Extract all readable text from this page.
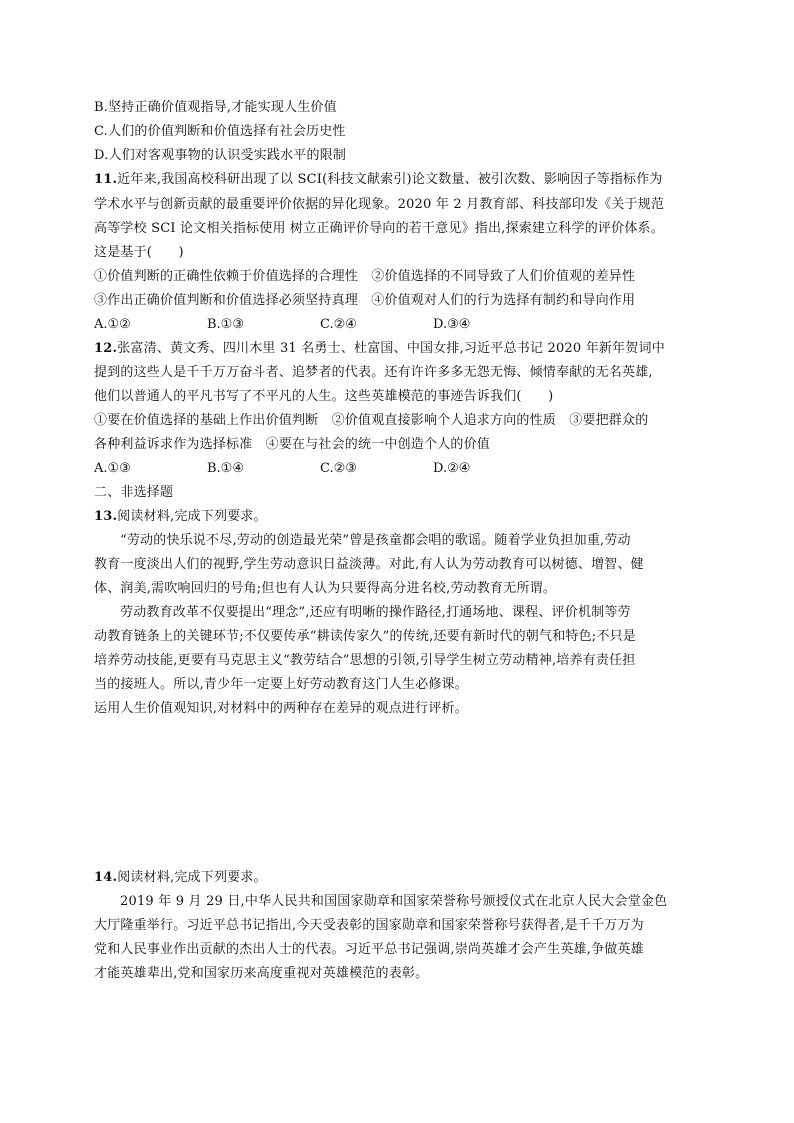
B.坚持正确价值观指导,才能实现人生价值
C.人们的价值判断和价值选择有社会历史性
D.人们对客观事物的认识受实践水平的限制
11.近年来,我国高校科研出现了以 SCI(科技文献索引)论文数量、被引次数、影响因子等指标作为
学术水平与创新贡献的最重要评价依据的异化现象。2020 年 2 月教育部、科技部印发《关于规范
高等学校 SCI 论文相关指标使用 树立正确评价导向的若干意见》指出,探索建立科学的评价体系。
这是基于(　　)
①价值判断的正确性依赖于价值选择的合理性　②价值选择的不同导致了人们价值观的差异性
③作出正确价值判断和价值选择必须坚持真理　④价值观对人们的行为选择有制约和导向作用
A.①②	B.①③	C.②④	D.③④
12.张富清、黄文秀、四川木里 31 名勇士、杜富国、中国女排,习近平总书记 2020 年新年贺词中
提到的这些人是千千万万奋斗者、追梦者的代表。还有许许多多无怨无悔、倾情奉献的无名英雄,
他们以普通人的平凡书写了不平凡的人生。这些英雄模范的事迹告诉我们(　　)
①要在价值选择的基础上作出价值判断　②价值观直接影响个人追求方向的性质　③要把群众的
各种利益诉求作为选择标准　④要在与社会的统一中创造个人的价值
A.①③	B.①④	C.②③	D.②④
二、非选择题
13.阅读材料,完成下列要求。
“劳动的快乐说不尽,劳动的创造最光荣”曾是孩童都会唱的歌谣。随着学业负担加重,劳动
教育一度淡出人们的视野,学生劳动意识日益淡薄。对此,有人认为劳动教育可以树德、增智、健
体、润美,需吹响回归的号角;但也有人认为只要得高分进名校,劳动教育无所谓。
劳动教育改革不仅要提出“理念”,还应有明晰的操作路径,打通场地、课程、评价机制等劳
动教育链条上的关键环节;不仅要传承“耕读传家久”的传统,还要有新时代的朝气和特色;不只是
培养劳动技能,更要有马克思主义“教劳结合”思想的引领,引导学生树立劳动精神,培养有责任担
当的接班人。所以,青少年一定要上好劳动教育这门人生必修课。
运用人生价值观知识,对材料中的两种存在差异的观点进行评析。
14.阅读材料,完成下列要求。
2019 年 9 月 29 日,中华人民共和国国家勋章和国家荣誉称号颁授仪式在北京人民大会堂金色
大厅隆重举行。习近平总书记指出,今天受表彰的国家勋章和国家荣誉称号获得者,是千千万万为
党和人民事业作出贡献的杰出人士的代表。习近平总书记强调,崇尚英雄才会产生英雄,争做英雄
才能英雄辈出,党和国家历来高度重视对英雄模范的表彰。
